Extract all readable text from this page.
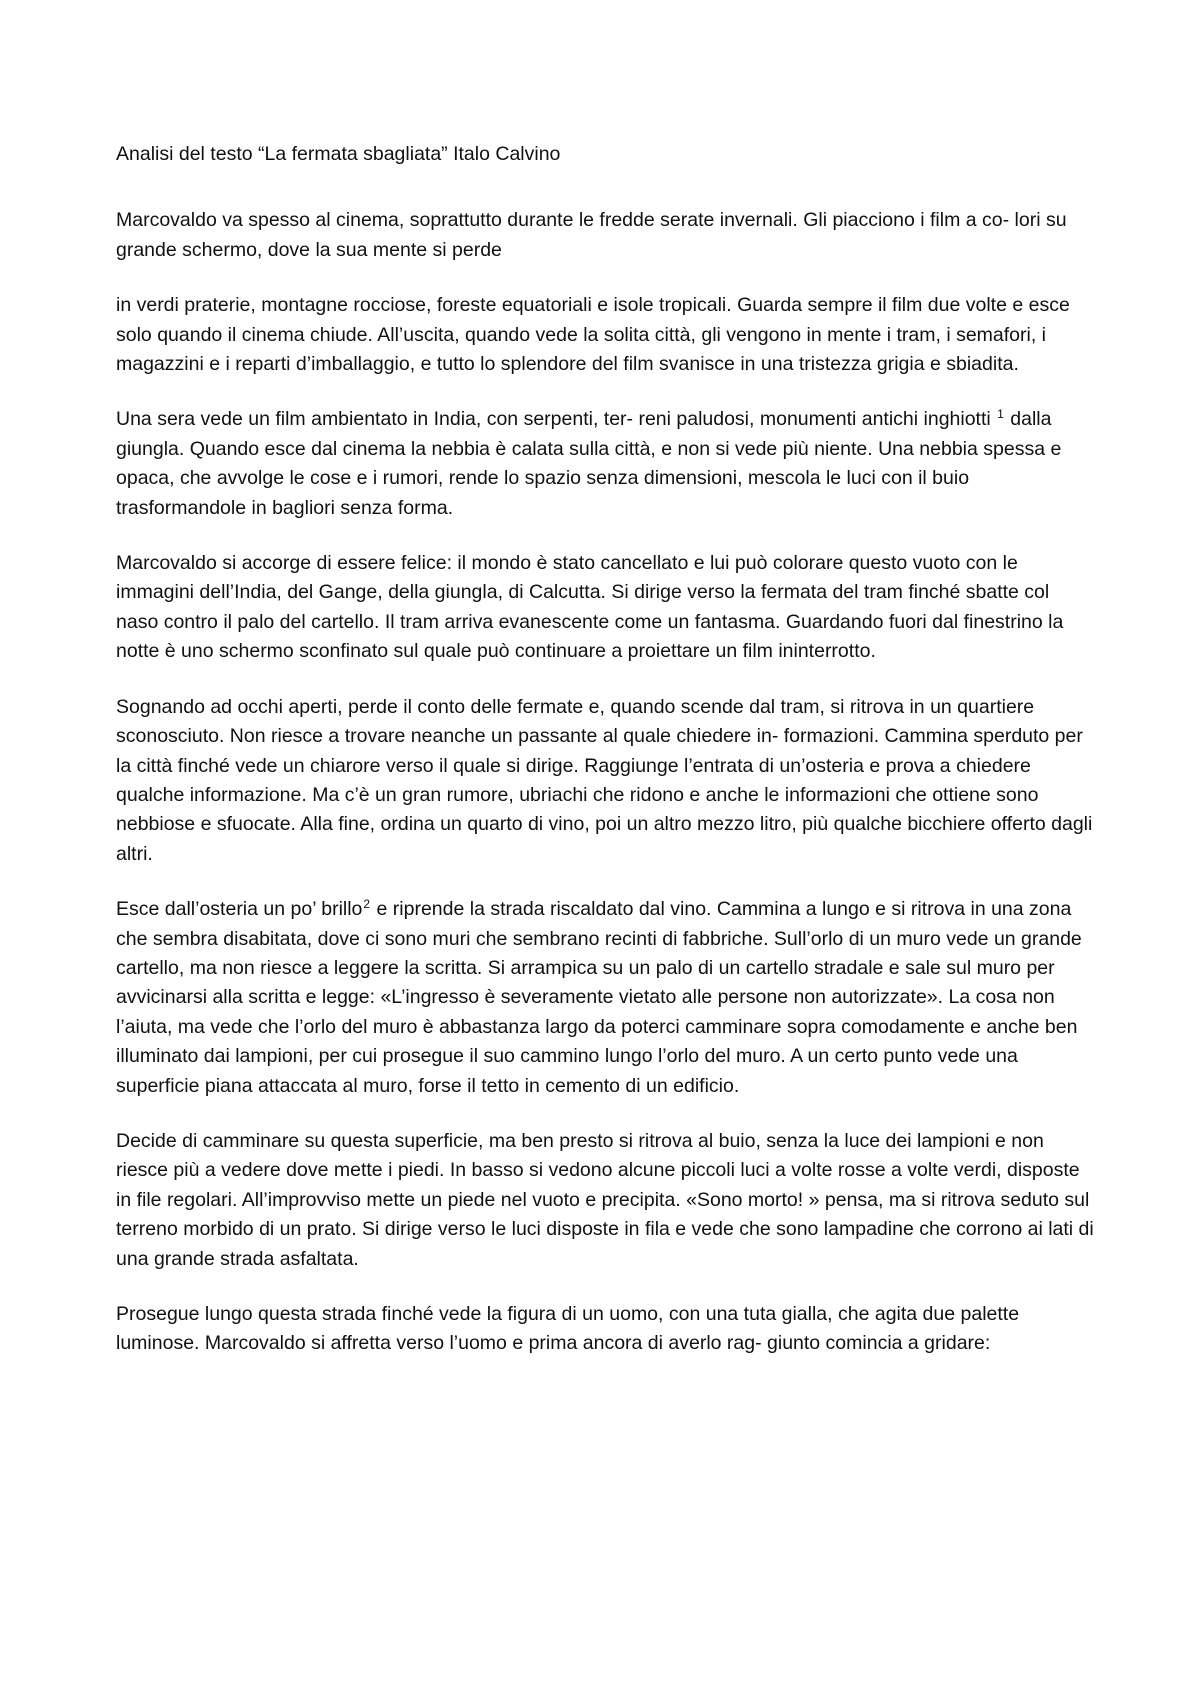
Analisi del testo “La fermata sbagliata” Italo Calvino

Marcovaldo va spesso al cinema, soprattutto durante le fredde serate invernali. Gli piacciono i film a co- lori su grande schermo, dove la sua mente si perde

in verdi praterie, montagne rocciose, foreste equatoriali e isole tropicali. Guarda sempre il film due volte e esce solo quando il cinema chiude. All’uscita, quando vede la solita città, gli vengono in mente i tram, i semafori, i magazzini e i reparti d’imballaggio, e tutto lo splendore del film svanisce in una tristezza grigia e sbiadita.

Una sera vede un film ambientato in India, con serpenti, ter- reni paludosi, monumenti antichi inghiotti $^1$ dalla giungla. Quando esce dal cinema la nebbia è calata sulla città, e non si vede più niente. Una nebbia spessa e opaca, che avvolge le cose e i rumori, rende lo spazio senza dimensioni, mescola le luci con il buio trasformandole in bagliori senza forma.

Marcovaldo si accorge di essere felice: il mondo è stato cancellato e lui può colorare questo vuoto con le immagini dell’India, del Gange, della giungla, di Calcutta. Si dirige verso la fermata del tram finché sbatte col naso contro il palo del cartello. Il tram arriva evanescente come un fantasma. Guardando fuori dal finestrino la notte è uno schermo sconfinato sul quale può continuare a proiettare un film ininterrotto.

Sognando ad occhi aperti, perde il conto delle fermate e, quando scende dal tram, si ritrova in un quartiere sconosciuto. Non riesce a trovare neanche un passante al quale chiedere in- formazioni. Cammina sperduto per la città finché vede un chiarore verso il quale si dirige. Raggiunge l’entrata di un’osteria e prova a chiedere qualche informazione. Ma c’è un gran rumore, ubriachi che ridono e anche le informazioni che ottiene sono nebbiose e sfuocate. Alla fine, ordina un quarto di vino, poi un altro mezzo litro, più qualche bicchiere offerto dagli altri.

Esce dall’osteria un po’ brillo$^2$ e riprende la strada riscaldato dal vino. Cammina a lungo e si ritrova in una zona che sembra disabitata, dove ci sono muri che sembrano recinti di fabbriche. Sull’orlo di un muro vede un grande cartello, ma non riesce a leggere la scritta. Si arrampica su un palo di un cartello stradale e sale sul muro per avvicinarsi alla scritta e legge: «L’ingresso è severamente vietato alle persone non autorizzate». La cosa non l’aiuta, ma vede che l’orlo del muro è abbastanza largo da poterci camminare sopra comodamente e anche ben illuminato dai lampioni, per cui prosegue il suo cammino lungo l’orlo del muro. A un certo punto vede una superficie piana attaccata al muro, forse il tetto in cemento di un edificio.

Decide di camminare su questa superficie, ma ben presto si ritrova al buio, senza la luce dei lampioni e non riesce più a vedere dove mette i piedi. In basso si vedono alcune piccoli luci a volte rosse a volte verdi, disposte in file regolari. All’improvviso mette un piede nel vuoto e precipita. «Sono morto! » pensa, ma si ritrova seduto sul terreno morbido di un prato. Si dirige verso le luci disposte in fila e vede che sono lampadine che corrono ai lati di una grande strada asfaltata.

Prosegue lungo questa strada finché vede la figura di un uomo, con una tuta gialla, che agita due palette luminose. Marcovaldo si affretta verso l’uomo e prima ancora di averlo rag- giunto comincia a gridare:
